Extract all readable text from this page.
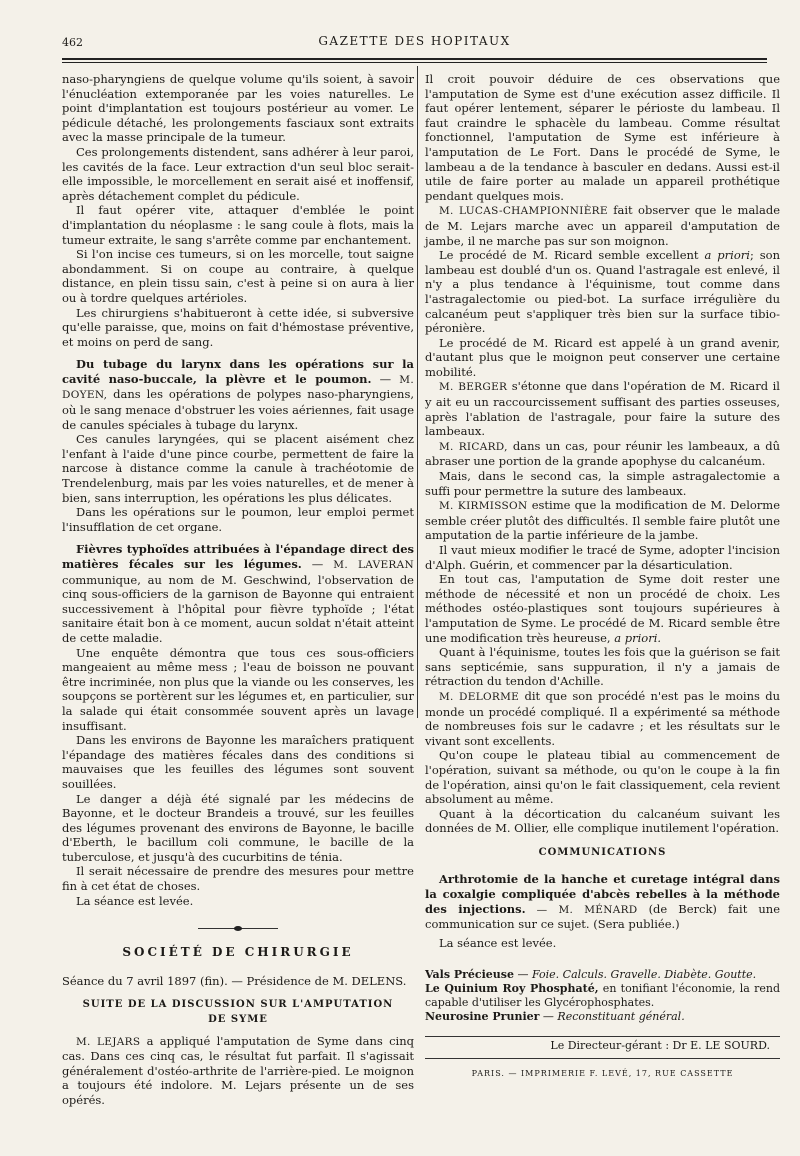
462	GAZETTE DES HOPITAUX

naso-pharyngiens de quelque volume qu'ils soient, à savoir l'énucléation extemporanée par les voies naturelles. Le point d'implantation est toujours postérieur au vomer. Le pédicule détaché, les prolongements fasciaux sont extraits avec la masse principale de la tumeur.

Ces prolongements distendent, sans adhérer à leur paroi, les cavités de la face. Leur extraction d'un seul bloc serait-elle impossible, le morcellement en serait aisé et inoffensif, après détachement complet du pédicule.

Il faut opérer vite, attaquer d'emblée le point d'implantation du néoplasme : le sang coule à flots, mais la tumeur extraite, le sang s'arrête comme par enchantement.

Si l'on incise ces tumeurs, si on les morcelle, tout saigne abondamment. Si on coupe au contraire, à quelque distance, en plein tissu sain, c'est à peine si on aura à lier ou à tordre quelques artérioles.

Les chirurgiens s'habitueront à cette idée, si subversive qu'elle paraisse, que, moins on fait d'hémostase préventive, et moins on perd de sang.

Du tubage du larynx dans les opérations sur la cavité naso-buccale, la plèvre et le poumon. — M. DOYEN, dans les opérations de polypes naso-pharyngiens, où le sang menace d'obstruer les voies aériennes, fait usage de canules spéciales à tubage du larynx.

Ces canules laryngées, qui se placent aisément chez l'enfant à l'aide d'une pince courbe, permettent de faire la narcose à distance comme la canule à trachéotomie de Trendelenburg, mais par les voies naturelles, et de mener à bien, sans interruption, les opérations les plus délicates.

Dans les opérations sur le poumon, leur emploi permet l'insufflation de cet organe.

Fièvres typhoïdes attribuées à l'épandage direct des matières fécales sur les légumes. — M. LAVERAN communique, au nom de M. Geschwind, l'observation de cinq sous-officiers de la garnison de Bayonne qui entraient successivement à l'hôpital pour fièvre typhoïde ; l'état sanitaire était bon à ce moment, aucun soldat n'était atteint de cette maladie.

Une enquête démontra que tous ces sous-officiers mangeaient au même mess ; l'eau de boisson ne pouvant être incriminée, non plus que la viande ou les conserves, les soupçons se portèrent sur les légumes et, en particulier, sur la salade qui était consommée souvent après un lavage insuffisant.

Dans les environs de Bayonne les maraîchers pratiquent l'épandage des matières fécales dans des conditions si mauvaises que les feuilles des légumes sont souvent souillées.

Le danger a déjà été signalé par les médecins de Bayonne, et le docteur Brandeis a trouvé, sur les feuilles des légumes provenant des environs de Bayonne, le bacille d'Eberth, le bacillum coli commune, le bacille de la tuberculose, et jusqu'à des cucurbitins de ténia.

Il serait nécessaire de prendre des mesures pour mettre fin à cet état de choses.

La séance est levée.

SOCIÉTÉ DE CHIRURGIE

Séance du 7 avril 1897 (fin). — Présidence de M. DELENS.

SUITE DE LA DISCUSSION SUR L'AMPUTATION
DE SYME

M. LEJARS a appliqué l'amputation de Syme dans cinq cas. Dans ces cinq cas, le résultat fut parfait. Il s'agissait généralement d'ostéo-arthrite de l'arrière-pied. Le moignon a toujours été indolore. M. Lejars présente un de ses opérés.

Il croit pouvoir déduire de ces observations que l'amputation de Syme est d'une exécution assez difficile. Il faut opérer lentement, séparer le périoste du lambeau. Il faut craindre le sphacèle du lambeau. Comme résultat fonctionnel, l'amputation de Syme est inférieure à l'amputation de Le Fort. Dans le procédé de Syme, le lambeau a de la tendance à basculer en dedans. Aussi est-il utile de faire porter au malade un appareil prothétique pendant quelques mois.

M. LUCAS-CHAMPIONNIÈRE fait observer que le malade de M. Lejars marche avec un appareil d'amputation de jambe, il ne marche pas sur son moignon.

Le procédé de M. Ricard semble excellent a priori; son lambeau est doublé d'un os. Quand l'astragale est enlevé, il n'y a plus tendance à l'équinisme, tout comme dans l'astragalectomie ou pied-bot. La surface irrégulière du calcanéum peut s'appliquer très bien sur la surface tibio-péronière.

Le procédé de M. Ricard est appelé à un grand avenir, d'autant plus que le moignon peut conserver une certaine mobilité.

M. BERGER s'étonne que dans l'opération de M. Ricard il y ait eu un raccourcissement suffisant des parties osseuses, après l'ablation de l'astragale, pour faire la suture des lambeaux.

M. RICARD, dans un cas, pour réunir les lambeaux, a dû abraser une portion de la grande apophyse du calcanéum.

Mais, dans le second cas, la simple astragalectomie a suffi pour permettre la suture des lambeaux.

M. KIRMISSON estime que la modification de M. Delorme semble créer plutôt des difficultés. Il semble faire plutôt une amputation de la partie inférieure de la jambe.

Il vaut mieux modifier le tracé de Syme, adopter l'incision d'Alph. Guérin, et commencer par la désarticulation.

En tout cas, l'amputation de Syme doit rester une méthode de nécessité et non un procédé de choix. Les méthodes ostéo-plastiques sont toujours supérieures à l'amputation de Syme. Le procédé de M. Ricard semble être une modification très heureuse, a priori.

Quant à l'équinisme, toutes les fois que la guérison se fait sans septicémie, sans suppuration, il n'y a jamais de rétraction du tendon d'Achille.

M. DELORME dit que son procédé n'est pas le moins du monde un procédé compliqué. Il a expérimenté sa méthode de nombreuses fois sur le cadavre ; et les résultats sur le vivant sont excellents.

Qu'on coupe le plateau tibial au commencement de l'opération, suivant sa méthode, ou qu'on le coupe à la fin de l'opération, ainsi qu'on le fait classiquement, cela revient absolument au même.

Quant à la décortication du calcanéum suivant les données de M. Ollier, elle complique inutilement l'opération.

COMMUNICATIONS

Arthrotomie de la hanche et curetage intégral dans la coxalgie compliquée d'abcès rebelles à la méthode des injections. — M. MÉNARD (de Berck) fait une communication sur ce sujet. (Sera publiée.)

La séance est levée.

Vals Précieuse — Foie. Calculs. Gravelle. Diabète. Goutte.

Le Quinium Roy Phosphaté, en tonifiant l'économie, la rend capable d'utiliser les Glycérophosphates.

Neurosine Prunier — Reconstituant général.

Le Directeur-gérant : Dr E. LE SOURD.
PARIS. — IMPRIMERIE F. LEVÉ, 17, RUE CASSETTE
